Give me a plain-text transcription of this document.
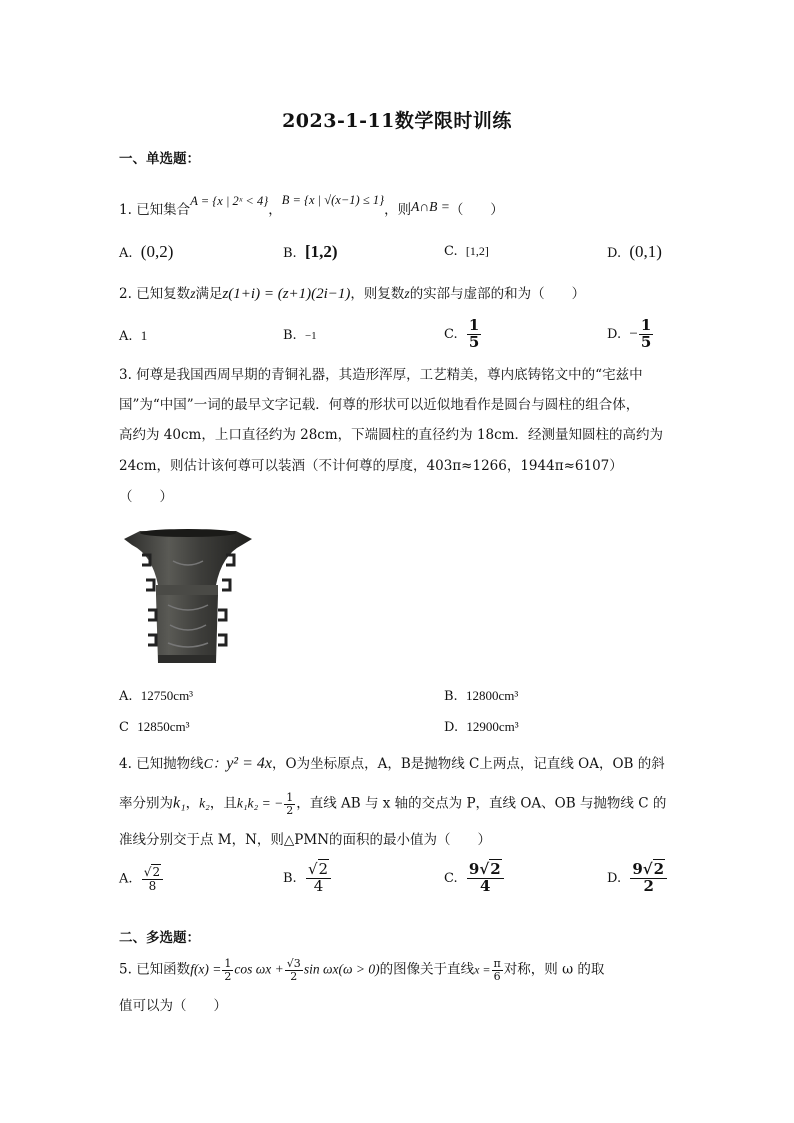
2023-1-11数学限时训练
一、单选题：
1. 已知集合A = {x | 2ˣ < 4}，B = {x | √(x−1) ≤ 1}，则A∩B =（　　）
A. (0,2)	B. [1,2)	C. [1,2]	D. (0,1)
2. 已知复数z满足z(1+i) = (z+1)(2i−1)，则复数z的实部与虚部的和为（　　）
A. 1	B. −1	C. $\frac{1}{5}$	D. − $\frac{1}{5}$
3. 何尊是我国西周早期的青铜礼器，其造形浑厚，工艺精美，尊内底铸铭文中的“宅兹中
国”为“中国”一词的最早文字记载．何尊的形状可以近似地看作是圆台与圆柱的组合体，
高约为 40cm，上口直径约为 28cm，下端圆柱的直径约为 18cm．经测量知圆柱的高约为
24cm，则估计该何尊可以装酒（不计何尊的厚度，403π≈1266，1944π≈6107）
（　　）
A. 12750cm³	B. 12800cm³
C 12850cm³	D. 12900cm³
4. 已知抛物线C：y² = 4x，O为坐标原点，A，B是抛物线 C上两点，记直线 OA，OB 的斜
率分别为k₁，k₂，且k₁k₂ = − $\frac{1}{2}$ ，直线 AB 与 x 轴的交点为 P，直线 OA、OB 与抛物线 C 的
准线分别交于点 M，N，则△PMN的面积的最小值为（　　）
A. $\frac{√2}{8}$	B. $\frac{√2}{4}$	C. $\frac{9√2}{4}$	D. $\frac{9√2}{2}$
二、多选题：
5. 已知函数$f(x) = \frac{1}{2}$ $\cos \omega x + \frac{√3}{2}$ sin ωx(ω > 0)的图像关于直线$x = \frac{\pi}{6}$ 对称，则 ω 的取
值可以为（　　）
